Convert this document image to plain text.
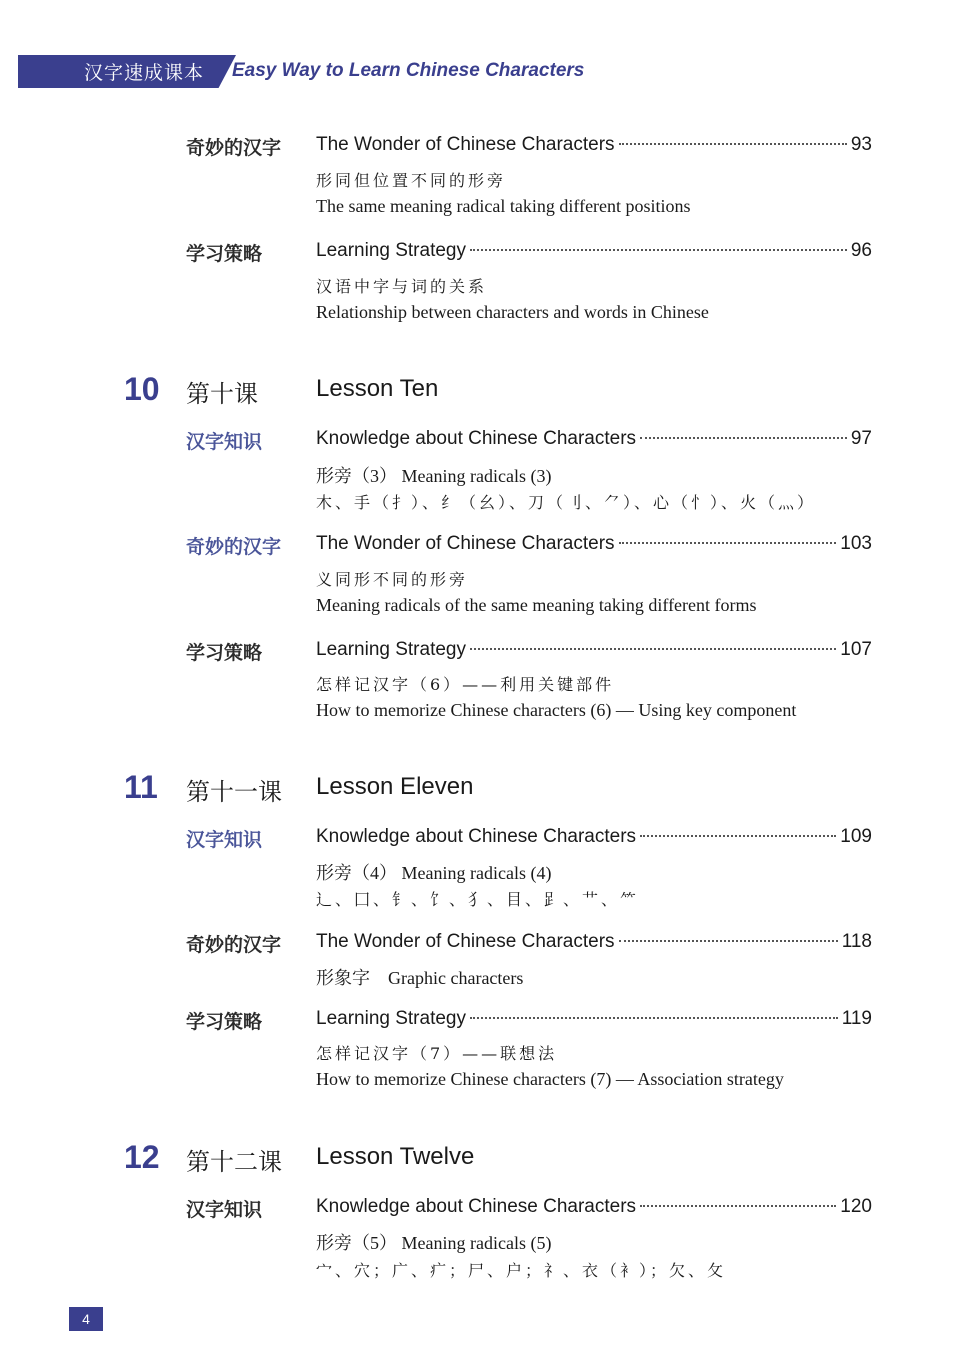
汉字速成课本 Easy Way to Learn Chinese Characters
奇妙的汉字 The Wonder of Chinese Characters	93
形同但位置不同的形旁
The same meaning radical taking different positions
学习策略	Learning Strategy	96
汉语中字与词的关系
Relationship between characters and words in Chinese
10 第十课 Lesson Ten
汉字知识	Knowledge about Chinese Characters	97
形旁（3） Meaning radicals (3)
木、手（扌）、纟（幺）、刀（刂、⺈）、心（忄）、火（灬）
奇妙的汉字 The Wonder of Chinese Characters	103
义同形不同的形旁
Meaning radicals of the same meaning taking different forms
学习策略	Learning Strategy	107
怎样记汉字（6）——利用关键部件
How to memorize Chinese characters (6) — Using key component
11 第十一课 Lesson Eleven
汉字知识	Knowledge about Chinese Characters	109
形旁（4） Meaning radicals (4)
辶、囗、钅、饣、犭、目、𧾷、艹、⺮
奇妙的汉字 The Wonder of Chinese Characters	118
形象字　Graphic characters
学习策略	Learning Strategy	119
怎样记汉字（7）——联想法
How to memorize Chinese characters (7) — Association strategy
12 第十二课 Lesson Twelve
汉字知识	Knowledge about Chinese Characters	120
形旁（5） Meaning radicals (5)
宀、穴；广、疒；尸、户；礻、衣（衤）；欠、攵
4
